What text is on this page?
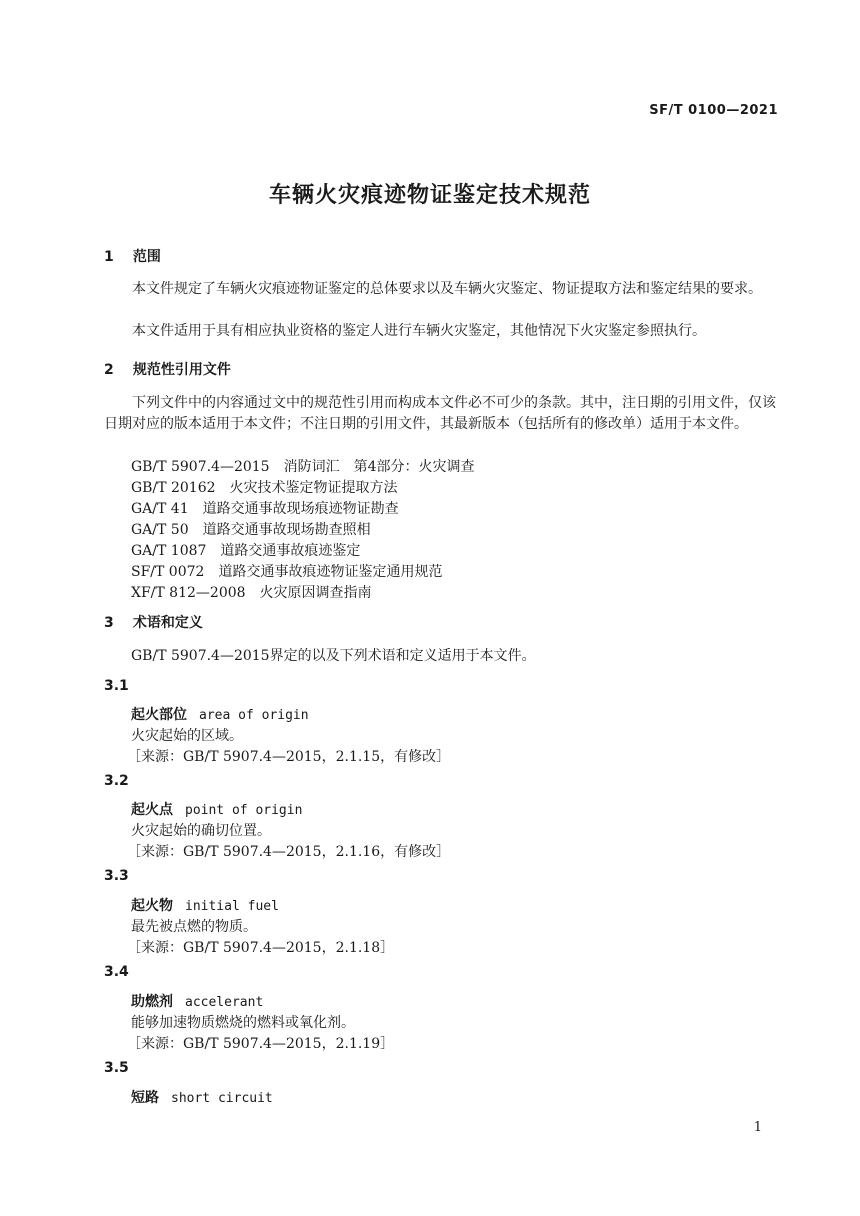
SF/T 0100—2021
车辆火灾痕迹物证鉴定技术规范
1 范围
本文件规定了车辆火灾痕迹物证鉴定的总体要求以及车辆火灾鉴定、物证提取方法和鉴定结果的要求。
本文件适用于具有相应执业资格的鉴定人进行车辆火灾鉴定，其他情况下火灾鉴定参照执行。
2 规范性引用文件
下列文件中的内容通过文中的规范性引用而构成本文件必不可少的条款。其中，注日期的引用文件，仅该日期对应的版本适用于本文件；不注日期的引用文件，其最新版本（包括所有的修改单）适用于本文件。
GB/T 5907.4—2015　消防词汇　第4部分：火灾调查
GB/T 20162　火灾技术鉴定物证提取方法
GA/T 41　道路交通事故现场痕迹物证勘查
GA/T 50　道路交通事故现场勘查照相
GA/T 1087　道路交通事故痕迹鉴定
SF/T 0072　道路交通事故痕迹物证鉴定通用规范
XF/T 812—2008　火灾原因调查指南
3 术语和定义
GB/T 5907.4—2015界定的以及下列术语和定义适用于本文件。
3.1
起火部位 area of origin
火灾起始的区域。
［来源：GB/T 5907.4—2015，2.1.15，有修改］
3.2
起火点 point of origin
火灾起始的确切位置。
［来源：GB/T 5907.4—2015，2.1.16，有修改］
3.3
起火物 initial fuel
最先被点燃的物质。
［来源：GB/T 5907.4—2015，2.1.18］
3.4
助燃剂 accelerant
能够加速物质燃烧的燃料或氧化剂。
［来源：GB/T 5907.4—2015，2.1.19］
3.5
短路 short circuit
1
